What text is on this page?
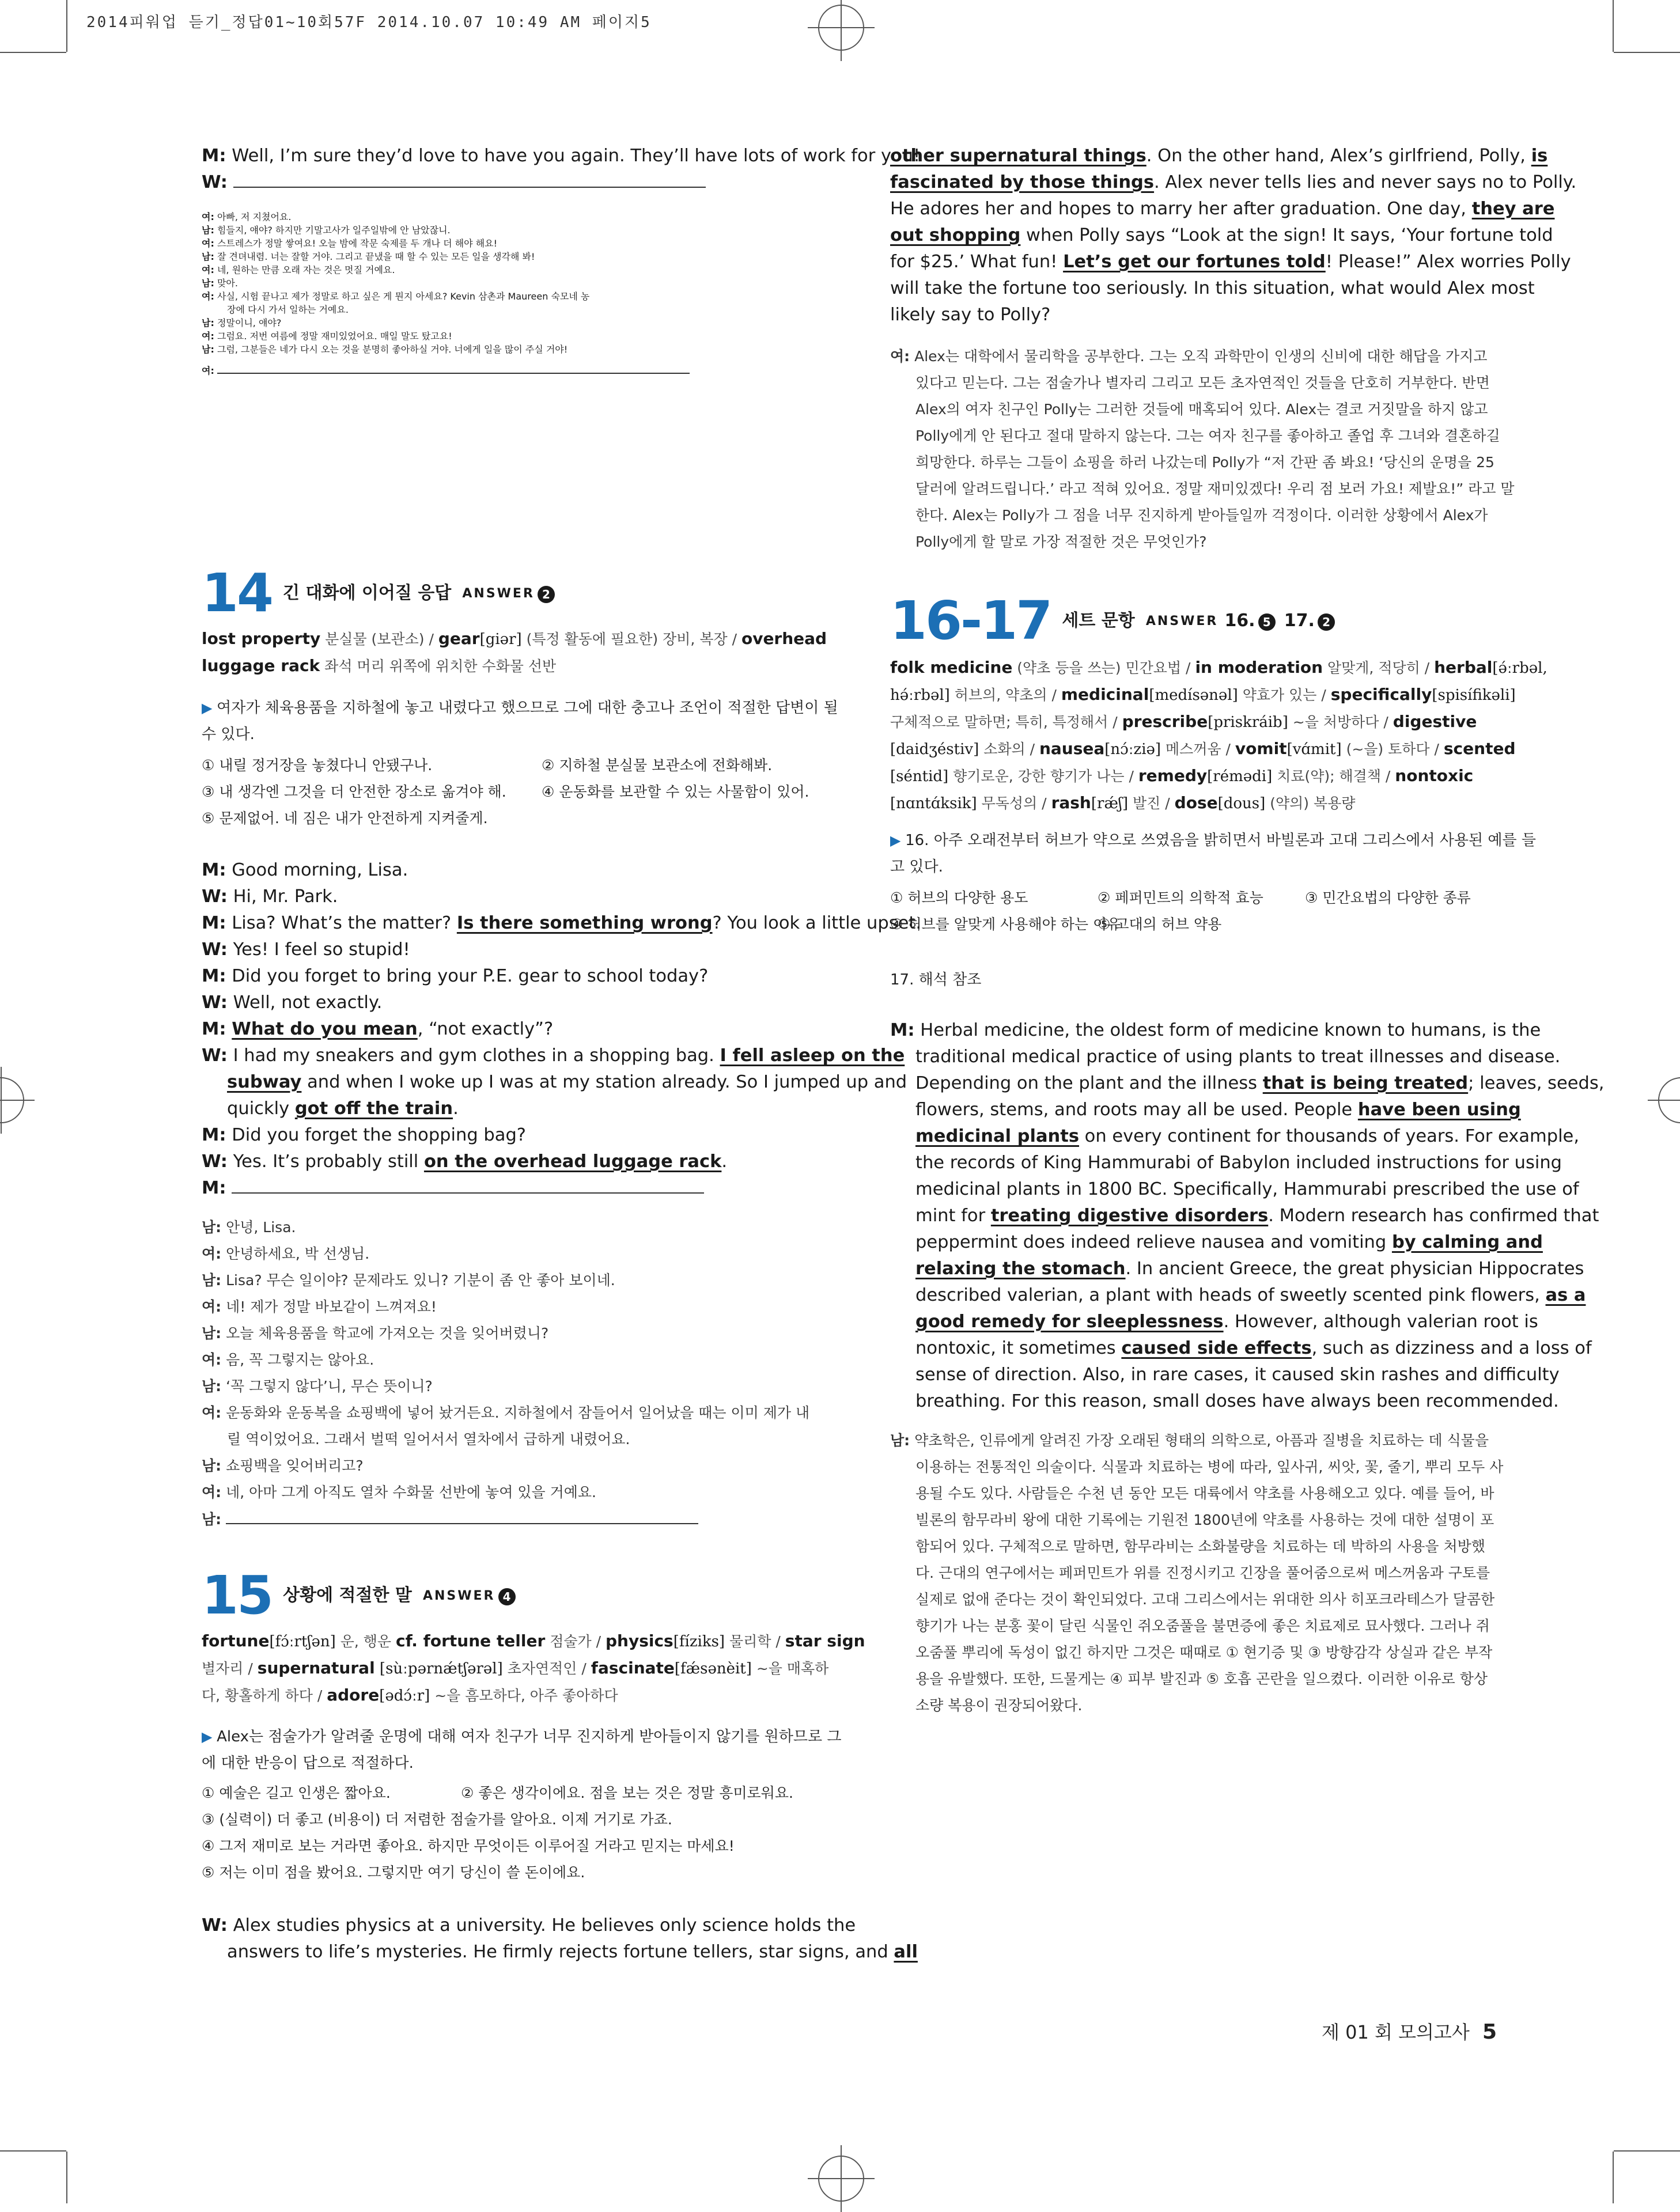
2014피워업 듣기_정답01~10회57F 2014.10.07 10:49 AM 페이지5
M: Well, I’m sure they’d love to have you again. They’ll have lots of work for you!
W:
여: 아빠, 저 지쳤어요.
남: 힘들지, 얘야? 하지만 기말고사가 일주일밖에 안 남았잖니.
여: 스트레스가 정말 쌓여요! 오늘 밤에 작문 숙제를 두 개나 더 해야 해요!
남: 잘 견뎌내렴. 너는 잘할 거야. 그리고 끝냈을 때 할 수 있는 모든 일을 생각해 봐!
여: 네, 원하는 만큼 오래 자는 것은 멋질 거예요.
남: 맞아.
여: 사실, 시험 끝나고 제가 정말로 하고 싶은 게 뭔지 아세요? Kevin 삼촌과 Maureen 숙모네 농
장에 다시 가서 일하는 거예요.
남: 정말이니, 얘야?
여: 그럼요. 저번 여름에 정말 재미있었어요. 매일 말도 탔고요!
남: 그럼, 그분들은 네가 다시 오는 것을 분명히 좋아하실 거야. 너에게 일을 많이 주실 거야!
여:
14 긴 대화에 이어질 응답 ANSWER 2
lost property 분실물 (보관소) / gear[giər] (특정 활동에 필요한) 장비, 복장 / overhead
luggage rack 좌석 머리 위쪽에 위치한 수화물 선반
▶ 여자가 체육용품을 지하철에 놓고 내렸다고 했으므로 그에 대한 충고나 조언이 적절한 답변이 될
수 있다.
① 내릴 정거장을 놓쳤다니 안됐구나.	② 지하철 분실물 보관소에 전화해봐.
③ 내 생각엔 그것을 더 안전한 장소로 옮겨야 해. ④ 운동화를 보관할 수 있는 사물함이 있어.
⑤ 문제없어. 네 짐은 내가 안전하게 지켜줄게.
M: Good morning, Lisa.
W: Hi, Mr. Park.
M: Lisa? What’s the matter? Is there something wrong? You look a little upset.
W: Yes! I feel so stupid!
M: Did you forget to bring your P.E. gear to school today?
W: Well, not exactly.
M: What do you mean, “not exactly”?
W: I had my sneakers and gym clothes in a shopping bag. I fell asleep on the
subway and when I woke up I was at my station already. So I jumped up and
quickly got off the train.
M: Did you forget the shopping bag?
W: Yes. It’s probably still on the overhead luggage rack.
M:
남: 안녕, Lisa.
여: 안녕하세요, 박 선생님.
남: Lisa? 무슨 일이야? 문제라도 있니? 기분이 좀 안 좋아 보이네.
여: 네! 제가 정말 바보같이 느껴져요!
남: 오늘 체육용품을 학교에 가져오는 것을 잊어버렸니?
여: 음, 꼭 그렇지는 않아요.
남: ‘꼭 그렇지 않다’니, 무슨 뜻이니?
여: 운동화와 운동복을 쇼핑백에 넣어 놨거든요. 지하철에서 잠들어서 일어났을 때는 이미 제가 내
릴 역이었어요. 그래서 벌떡 일어서서 열차에서 급하게 내렸어요.
남: 쇼핑백을 잊어버리고?
여: 네, 아마 그게 아직도 열차 수화물 선반에 놓여 있을 거예요.
남:
15 상황에 적절한 말 ANSWER 4
fortune[fɔ́ːrtʃən] 운, 행운 cf. fortune teller 점술가 / physics[fíziks] 물리학 / star sign
별자리 / supernatural [sùːpərnǽtʃərəl] 초자연적인 / fascinate[fǽsənèit] ~을 매혹하
다, 황홀하게 하다 / adore[ədɔ́ːr] ~을 흠모하다, 아주 좋아하다
▶ Alex는 점술가가 알려줄 운명에 대해 여자 친구가 너무 진지하게 받아들이지 않기를 원하므로 그
에 대한 반응이 답으로 적절하다.
① 예술은 길고 인생은 짧아요.	② 좋은 생각이에요. 점을 보는 것은 정말 흥미로워요.
③ (실력이) 더 좋고 (비용이) 더 저렴한 점술가를 알아요. 이제 거기로 가죠.
④ 그저 재미로 보는 거라면 좋아요. 하지만 무엇이든 이루어질 거라고 믿지는 마세요!
⑤ 저는 이미 점을 봤어요. 그렇지만 여기 당신이 쓸 돈이에요.
W: Alex studies physics at a university. He believes only science holds the
answers to life’s mysteries. He firmly rejects fortune tellers, star signs, and all
other supernatural things. On the other hand, Alex’s girlfriend, Polly, is
fascinated by those things. Alex never tells lies and never says no to Polly.
He adores her and hopes to marry her after graduation. One day, they are
out shopping when Polly says “Look at the sign! It says, ‘Your fortune told
for $25.’ What fun! Let’s get our fortunes told! Please!” Alex worries Polly
will take the fortune too seriously. In this situation, what would Alex most
likely say to Polly?
여: Alex는 대학에서 물리학을 공부한다. 그는 오직 과학만이 인생의 신비에 대한 해답을 가지고
있다고 믿는다. 그는 점술가나 별자리 그리고 모든 초자연적인 것들을 단호히 거부한다. 반면
Alex의 여자 친구인 Polly는 그러한 것들에 매혹되어 있다. Alex는 결코 거짓말을 하지 않고
Polly에게 안 된다고 절대 말하지 않는다. 그는 여자 친구를 좋아하고 졸업 후 그녀와 결혼하길
희망한다. 하루는 그들이 쇼핑을 하러 나갔는데 Polly가 “저 간판 좀 봐요! ‘당신의 운명을 25
달러에 알려드립니다.’ 라고 적혀 있어요. 정말 재미있겠다! 우리 점 보러 가요! 제발요!” 라고 말
한다. Alex는 Polly가 그 점을 너무 진지하게 받아들일까 걱정이다. 이러한 상황에서 Alex가
Polly에게 할 말로 가장 적절한 것은 무엇인가?
16-17 세트 문항 ANSWER 16. 5 17. 2
folk medicine (약초 등을 쓰는) 민간요법 / in moderation 알맞게, 적당히 / herbal[ə́ːrbəl,
hə́ːrbəl] 허브의, 약초의 / medicinal[medísənəl] 약효가 있는 / specifically[spisífikəli]
구체적으로 말하면; 특히, 특정해서 / prescribe[priskráib] ~을 처방하다 / digestive
[daidʒéstiv] 소화의 / nausea[nɔ́ːziə] 메스꺼움 / vomit[vɑ́mit] (~을) 토하다 / scented
[séntid] 향기로운, 강한 향기가 나는 / remedy[rémədi] 치료(약); 해결책 / nontoxic
[nɑntɑ́ksik] 무독성의 / rash[rǽʃ] 발진 / dose[dous] (약의) 복용량
▶ 16. 아주 오래전부터 허브가 약으로 쓰였음을 밝히면서 바빌론과 고대 그리스에서 사용된 예를 들
고 있다.
① 허브의 다양한 용도	② 페퍼민트의 의학적 효능	③ 민간요법의 다양한 종류
④ 허브를 알맞게 사용해야 하는 이유⑤ 고대의 허브 약용
17. 해석 참조
M: Herbal medicine, the oldest form of medicine known to humans, is the
traditional medical practice of using plants to treat illnesses and disease.
Depending on the plant and the illness that is being treated; leaves, seeds,
flowers, stems, and roots may all be used. People have been using
medicinal plants on every continent for thousands of years. For example,
the records of King Hammurabi of Babylon included instructions for using
medicinal plants in 1800 BC. Specifically, Hammurabi prescribed the use of
mint for treating digestive disorders. Modern research has confirmed that
peppermint does indeed relieve nausea and vomiting by calming and
relaxing the stomach. In ancient Greece, the great physician Hippocrates
described valerian, a plant with heads of sweetly scented pink flowers, as a
good remedy for sleeplessness. However, although valerian root is
nontoxic, it sometimes caused side effects, such as dizziness and a loss of
sense of direction. Also, in rare cases, it caused skin rashes and difficulty
breathing. For this reason, small doses have always been recommended.
남: 약초학은, 인류에게 알려진 가장 오래된 형태의 의학으로, 아픔과 질병을 치료하는 데 식물을
이용하는 전통적인 의술이다. 식물과 치료하는 병에 따라, 잎사귀, 씨앗, 꽃, 줄기, 뿌리 모두 사
용될 수도 있다. 사람들은 수천 년 동안 모든 대륙에서 약초를 사용해오고 있다. 예를 들어, 바
빌론의 함무라비 왕에 대한 기록에는 기원전 1800년에 약초를 사용하는 것에 대한 설명이 포
함되어 있다. 구체적으로 말하면, 함무라비는 소화불량을 치료하는 데 박하의 사용을 처방했
다. 근대의 연구에서는 페퍼민트가 위를 진정시키고 긴장을 풀어줌으로써 메스꺼움과 구토를
실제로 없애 준다는 것이 확인되었다. 고대 그리스에서는 위대한 의사 히포크라테스가 달콤한
향기가 나는 분홍 꽃이 달린 식물인 쥐오줌풀을 불면증에 좋은 치료제로 묘사했다. 그러나 쥐
오줌풀 뿌리에 독성이 없긴 하지만 그것은 때때로 ① 현기증 및 ③ 방향감각 상실과 같은 부작
용을 유발했다. 또한, 드물게는 ④ 피부 발진과 ⑤ 호흡 곤란을 일으켰다. 이러한 이유로 항상
소량 복용이 권장되어왔다.
제 01 회 모의고사 5
